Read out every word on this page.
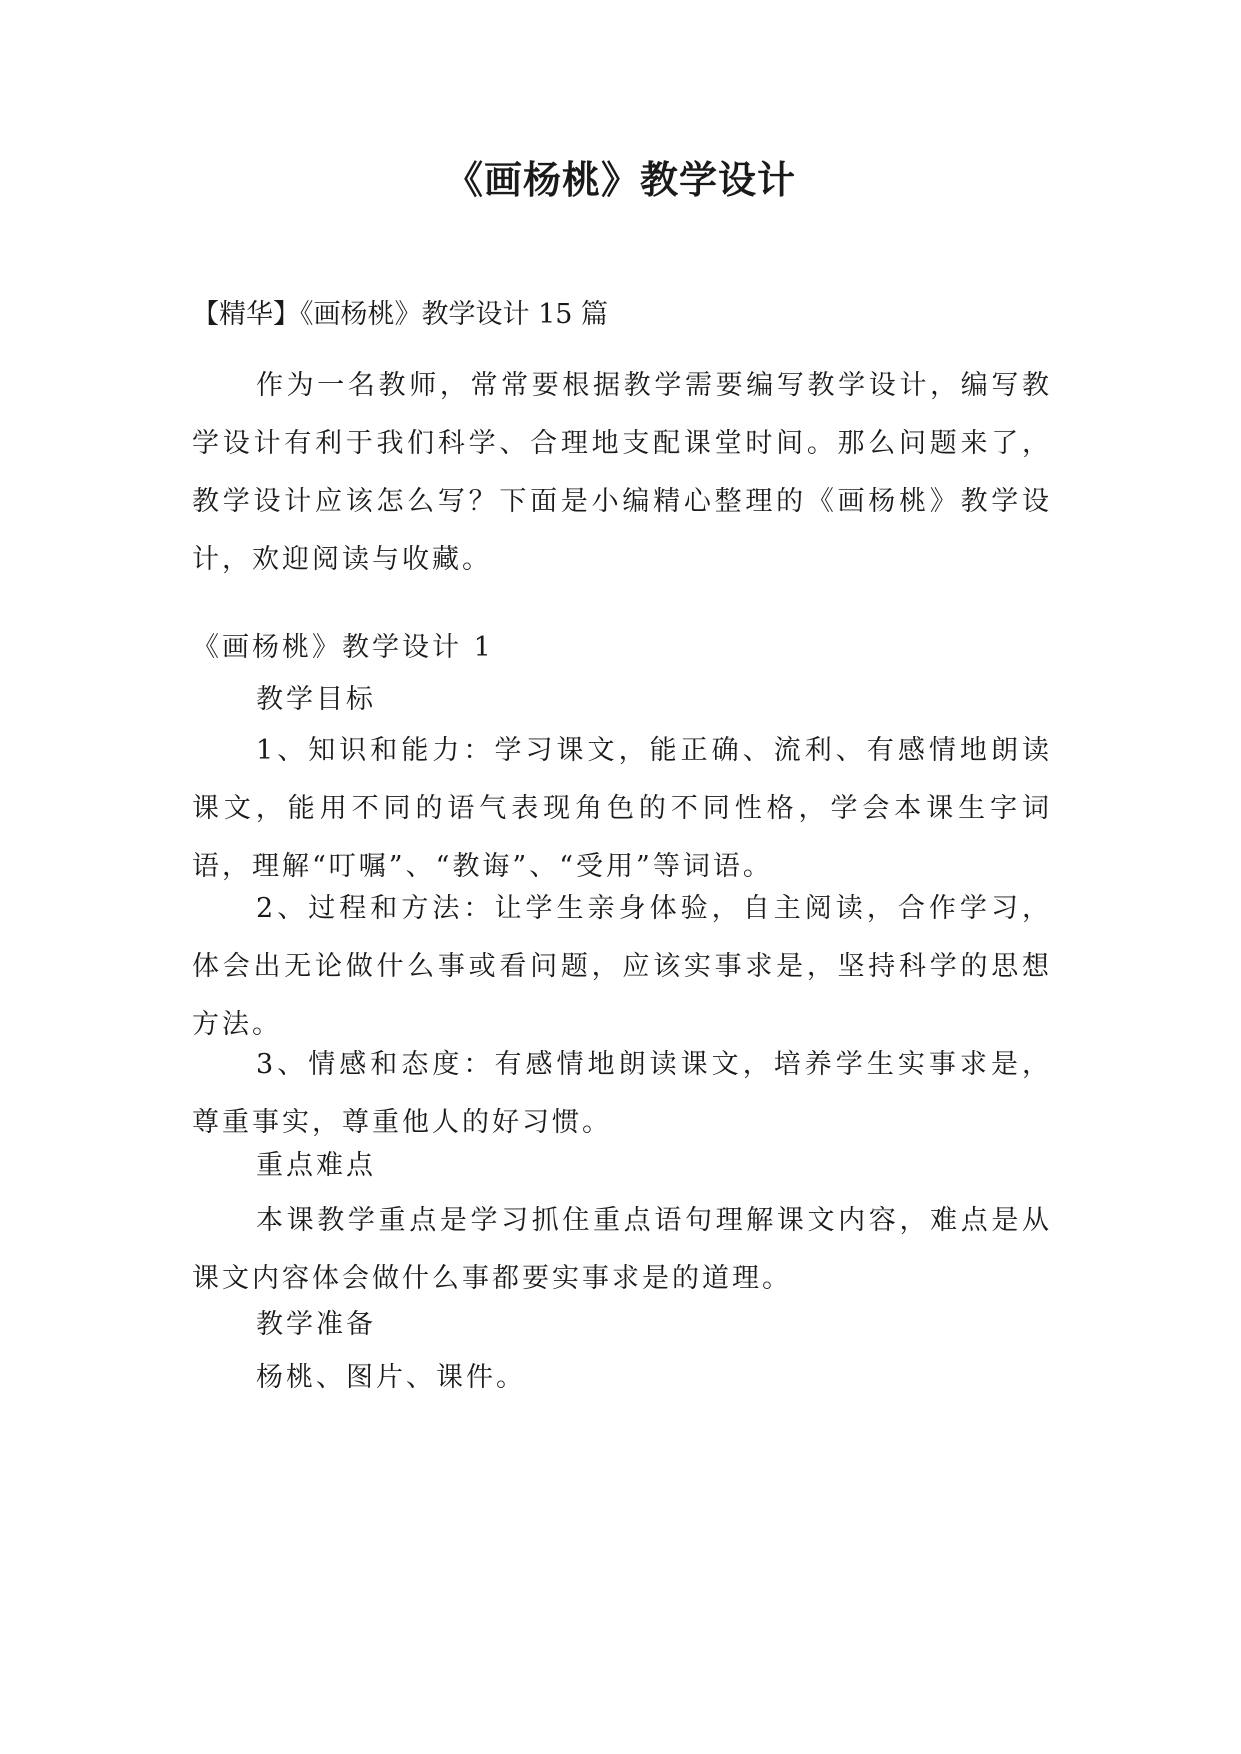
《画杨桃》教学设计

【精华】《画杨桃》教学设计 15 篇

作为一名教师，常常要根据教学需要编写教学设计，编写教学设计有利于我们科学、合理地支配课堂时间。那么问题来了，教学设计应该怎么写？下面是小编精心整理的《画杨桃》教学设计，欢迎阅读与收藏。

《画杨桃》教学设计 1

教学目标

1、知识和能力：学习课文，能正确、流利、有感情地朗读课文，能用不同的语气表现角色的不同性格，学会本课生字词语，理解“叮嘱”、“教诲”、“受用”等词语。

2、过程和方法：让学生亲身体验，自主阅读，合作学习，体会出无论做什么事或看问题，应该实事求是，坚持科学的思想方法。

3、情感和态度：有感情地朗读课文，培养学生实事求是，尊重事实，尊重他人的好习惯。

重点难点

本课教学重点是学习抓住重点语句理解课文内容，难点是从课文内容体会做什么事都要实事求是的道理。

教学准备

杨桃、图片、课件。
